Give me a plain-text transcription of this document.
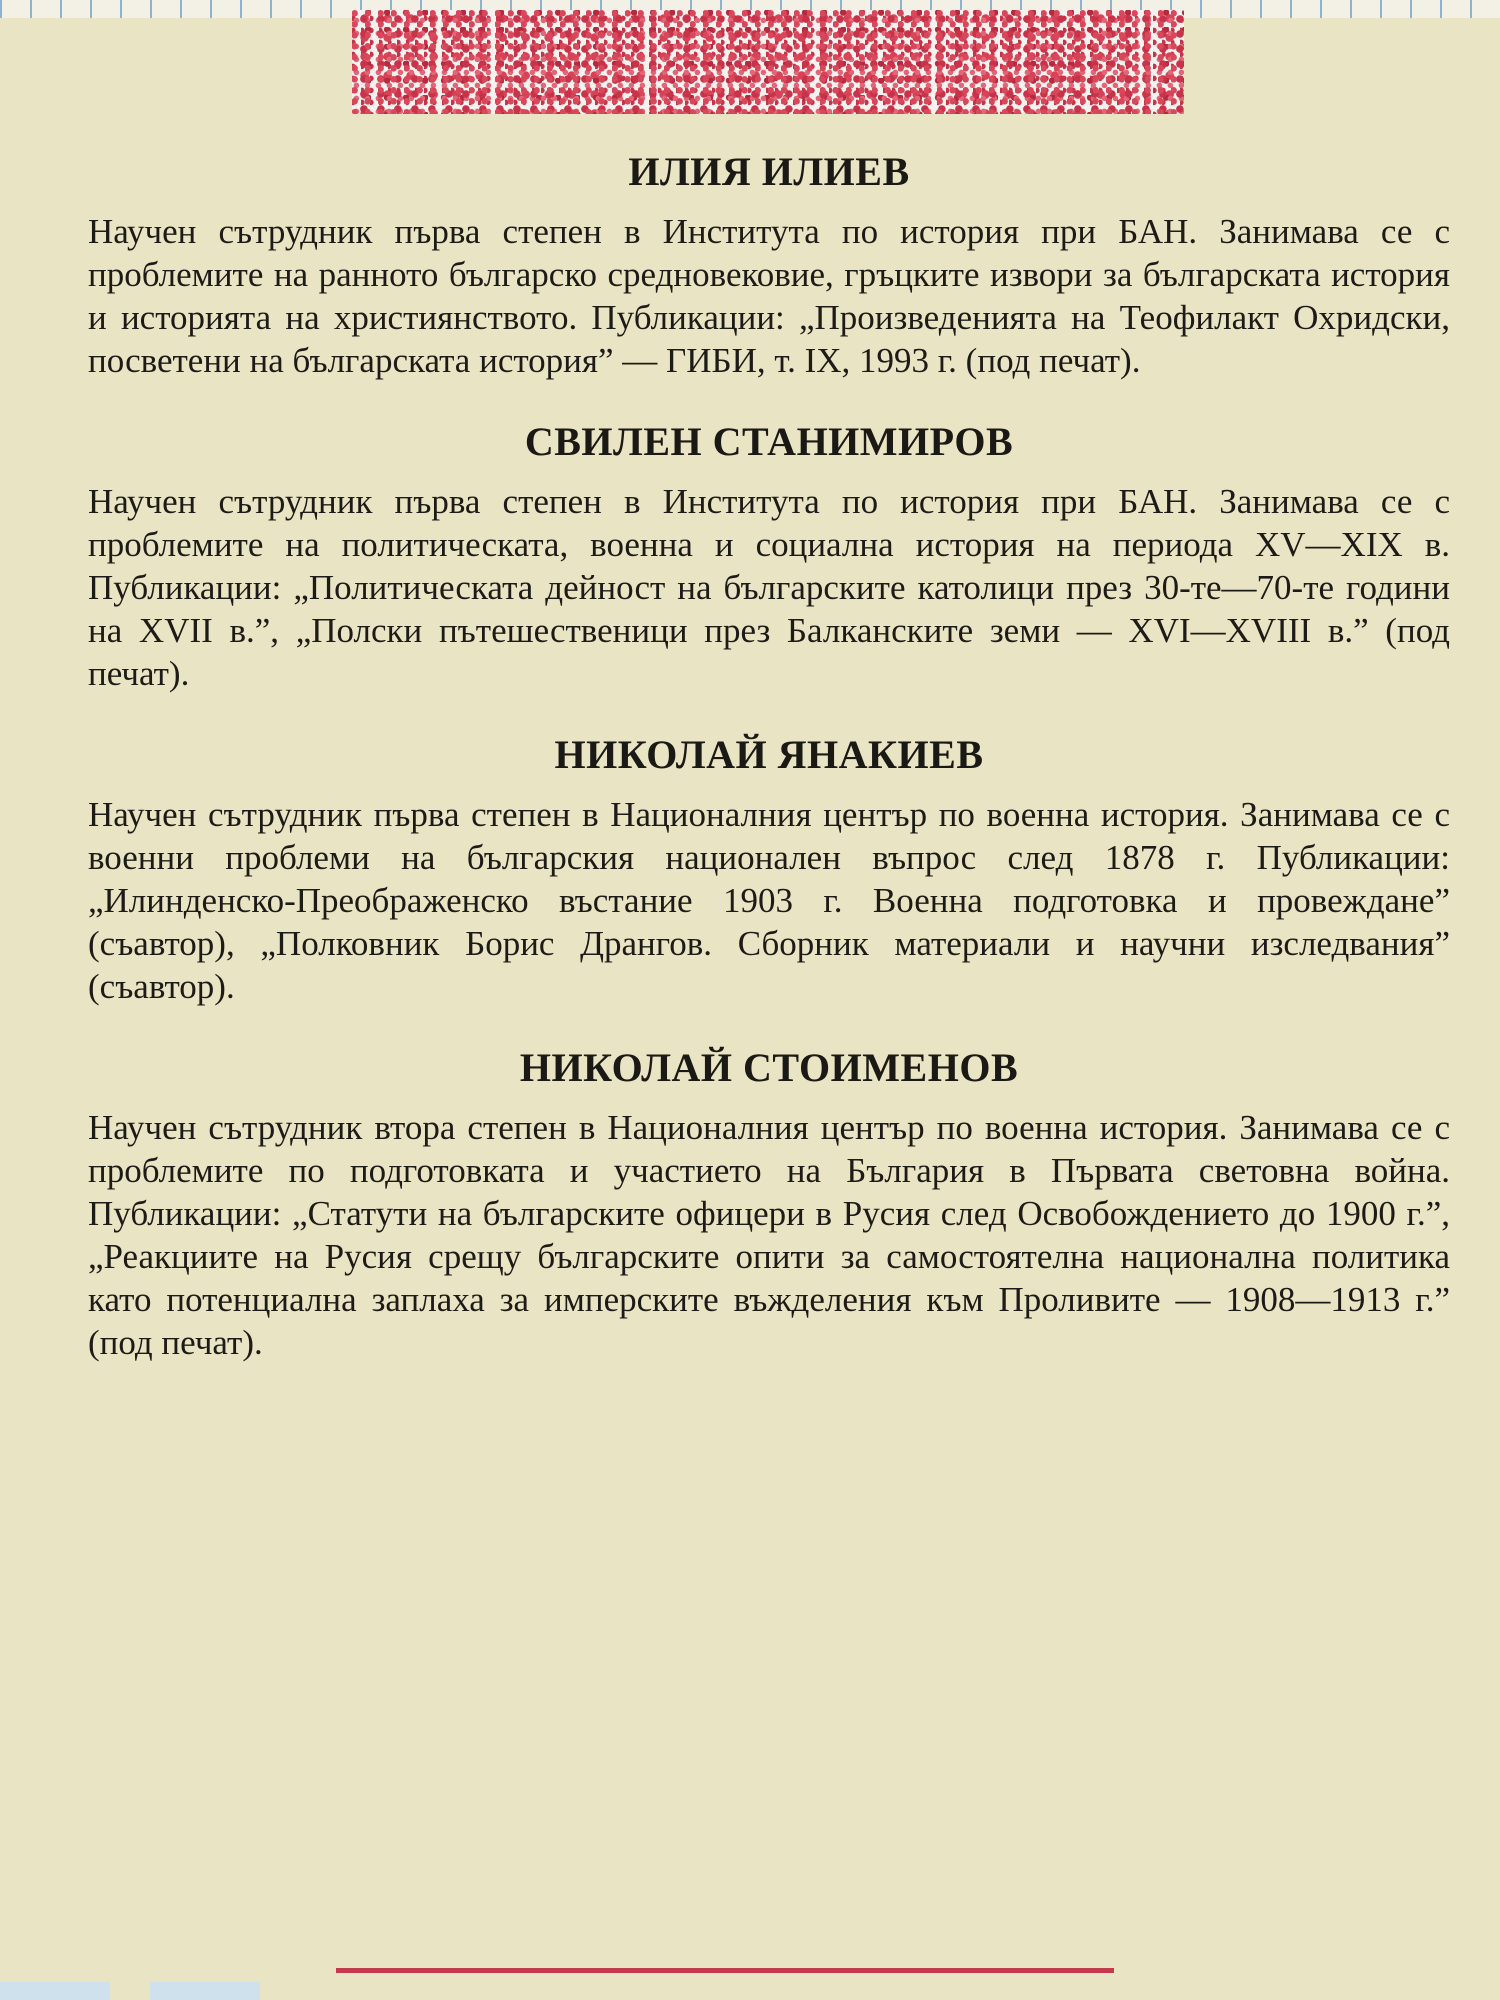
ИЛИЯ ИЛИЕВ

Научен сътрудник първа степен в Института по история при БАН. Занимава се с проблемите на ранното българско средновековие, гръцките извори за българската история и историята на християнството. Публикации: „Произведенията на Теофилакт Охридски, посветени на българската история” — ГИБИ, т. IX, 1993 г. (под печат).

СВИЛЕН СТАНИМИРОВ

Научен сътрудник първа степен в Института по история при БАН. Занимава се с проблемите на политическата, военна и социална история на периода XV—XIX в. Публикации: „Политическата дейност на българските католици през 30-те—70-те години на XVII в.”, „Полски пътешественици през Балканските земи — XVI—XVIII в.” (под печат).

НИКОЛАЙ ЯНАКИЕВ

Научен сътрудник първа степен в Националния център по военна история. Занимава се с военни проблеми на българския национален въпрос след 1878 г. Публикации: „Илинденско-Преображенско въстание 1903 г. Военна подготовка и провеждане” (съавтор), „Полковник Борис Дрангов. Сборник материали и научни изследвания” (съавтор).

НИКОЛАЙ СТОИМЕНОВ

Научен сътрудник втора степен в Националния център по военна история. Занимава се с проблемите по подготовката и участието на България в Първата световна война. Публикации: „Статути на българските офицери в Русия след Освобождението до 1900 г.”, „Реакциите на Русия срещу българските опити за самостоятелна национална политика като потенциална заплаха за имперските въжделения към Проливите — 1908—1913 г.” (под печат).
